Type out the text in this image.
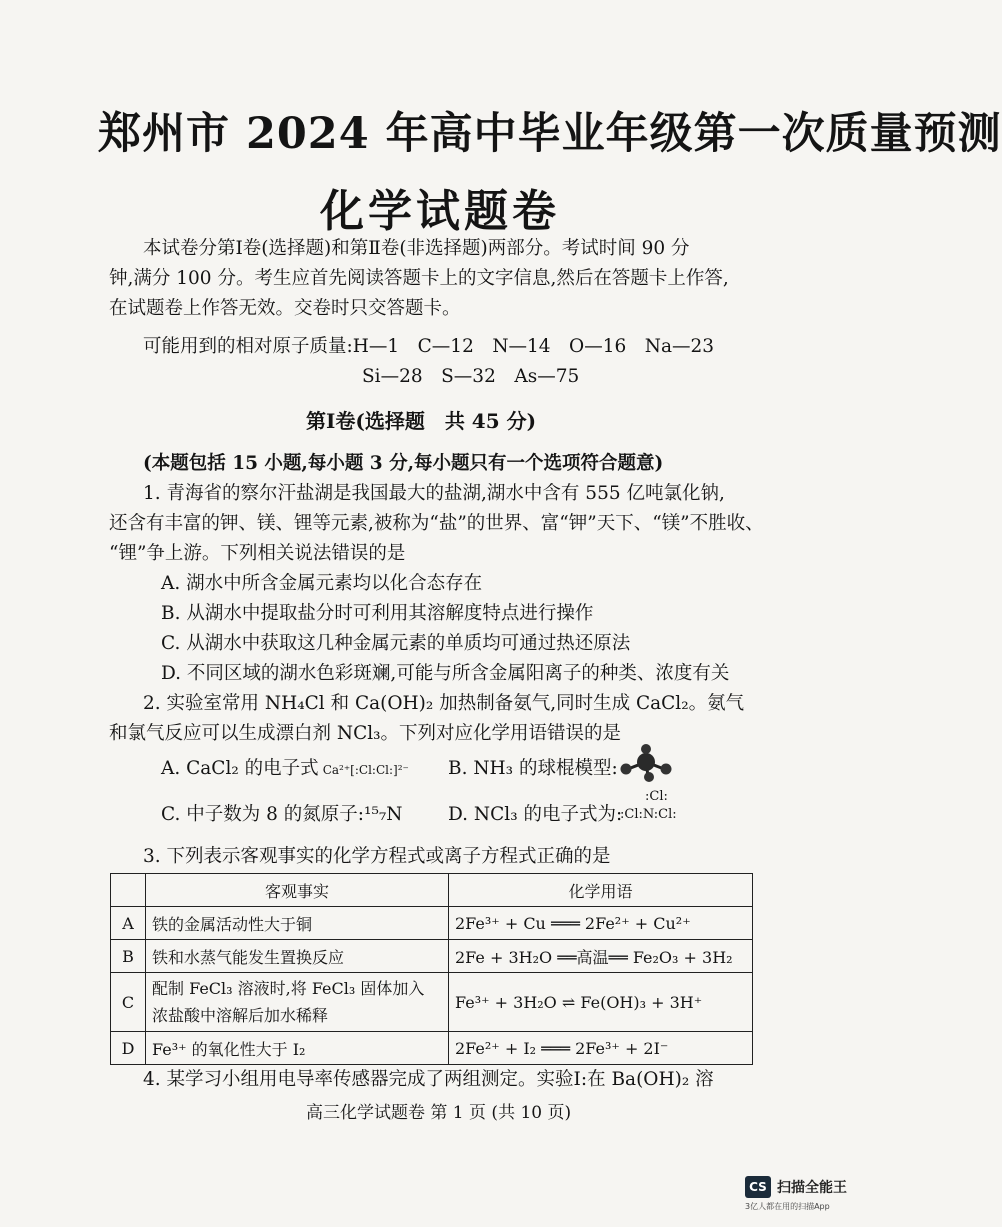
郑州市 2024 年高中毕业年级第一次质量预测
化学试题卷
本试卷分第Ⅰ卷(选择题)和第Ⅱ卷(非选择题)两部分。考试时间 90 分
钟,满分 100 分。考生应首先阅读答题卡上的文字信息,然后在答题卡上作答,
在试题卷上作答无效。交卷时只交答题卡。
可能用到的相对原子质量:H—1　C—12　N—14　O—16　Na—23
Si—28　S—32　As—75
第Ⅰ卷(选择题　共 45 分)
(本题包括 15 小题,每小题 3 分,每小题只有一个选项符合题意)
1. 青海省的察尔汗盐湖是我国最大的盐湖,湖水中含有 555 亿吨氯化钠,
还含有丰富的钾、镁、锂等元素,被称为“盐”的世界、富“钾”天下、“镁”不胜收、
“锂”争上游。下列相关说法错误的是
A. 湖水中所含金属元素均以化合态存在
B. 从湖水中提取盐分时可利用其溶解度特点进行操作
C. 从湖水中获取这几种金属元素的单质均可通过热还原法
D. 不同区域的湖水色彩斑斓,可能与所含金属阳离子的种类、浓度有关
2. 实验室常用 NH₄Cl 和 Ca(OH)₂ 加热制备氨气,同时生成 CaCl₂。氨气
和氯气反应可以生成漂白剂 NCl₃。下列对应化学用语错误的是
A. CaCl₂ 的电子式 Ca²⁺[:Cl:Cl:]²⁻ B. NH₃ 的球棍模型:
C. 中子数为 8 的氮原子:¹⁵₇N D. NCl₃ 的电子式为:
:Cl:
:Cl:N:Cl:
3. 下列表示客观事实的化学方程式或离子方程式正确的是
	客观事实	化学用语
A	铁的金属活动性大于铜	2Fe³⁺ + Cu ═══ 2Fe²⁺ + Cu²⁺
B	铁和水蒸气能发生置换反应	2Fe + 3H₂O ══高温══ Fe₂O₃ + 3H₂
C	配制 FeCl₃ 溶液时,将 FeCl₃ 固体加入
浓盐酸中溶解后加水稀释	Fe³⁺ + 3H₂O ⇌ Fe(OH)₃ + 3H⁺
D	Fe³⁺ 的氧化性大于 I₂	2Fe²⁺ + I₂ ═══ 2Fe³⁺ + 2I⁻
4. 某学习小组用电导率传感器完成了两组测定。实验Ⅰ:在 Ba(OH)₂ 溶
高三化学试题卷 第 1 页 (共 10 页)
CS 扫描全能王
3亿人都在用的扫描App
